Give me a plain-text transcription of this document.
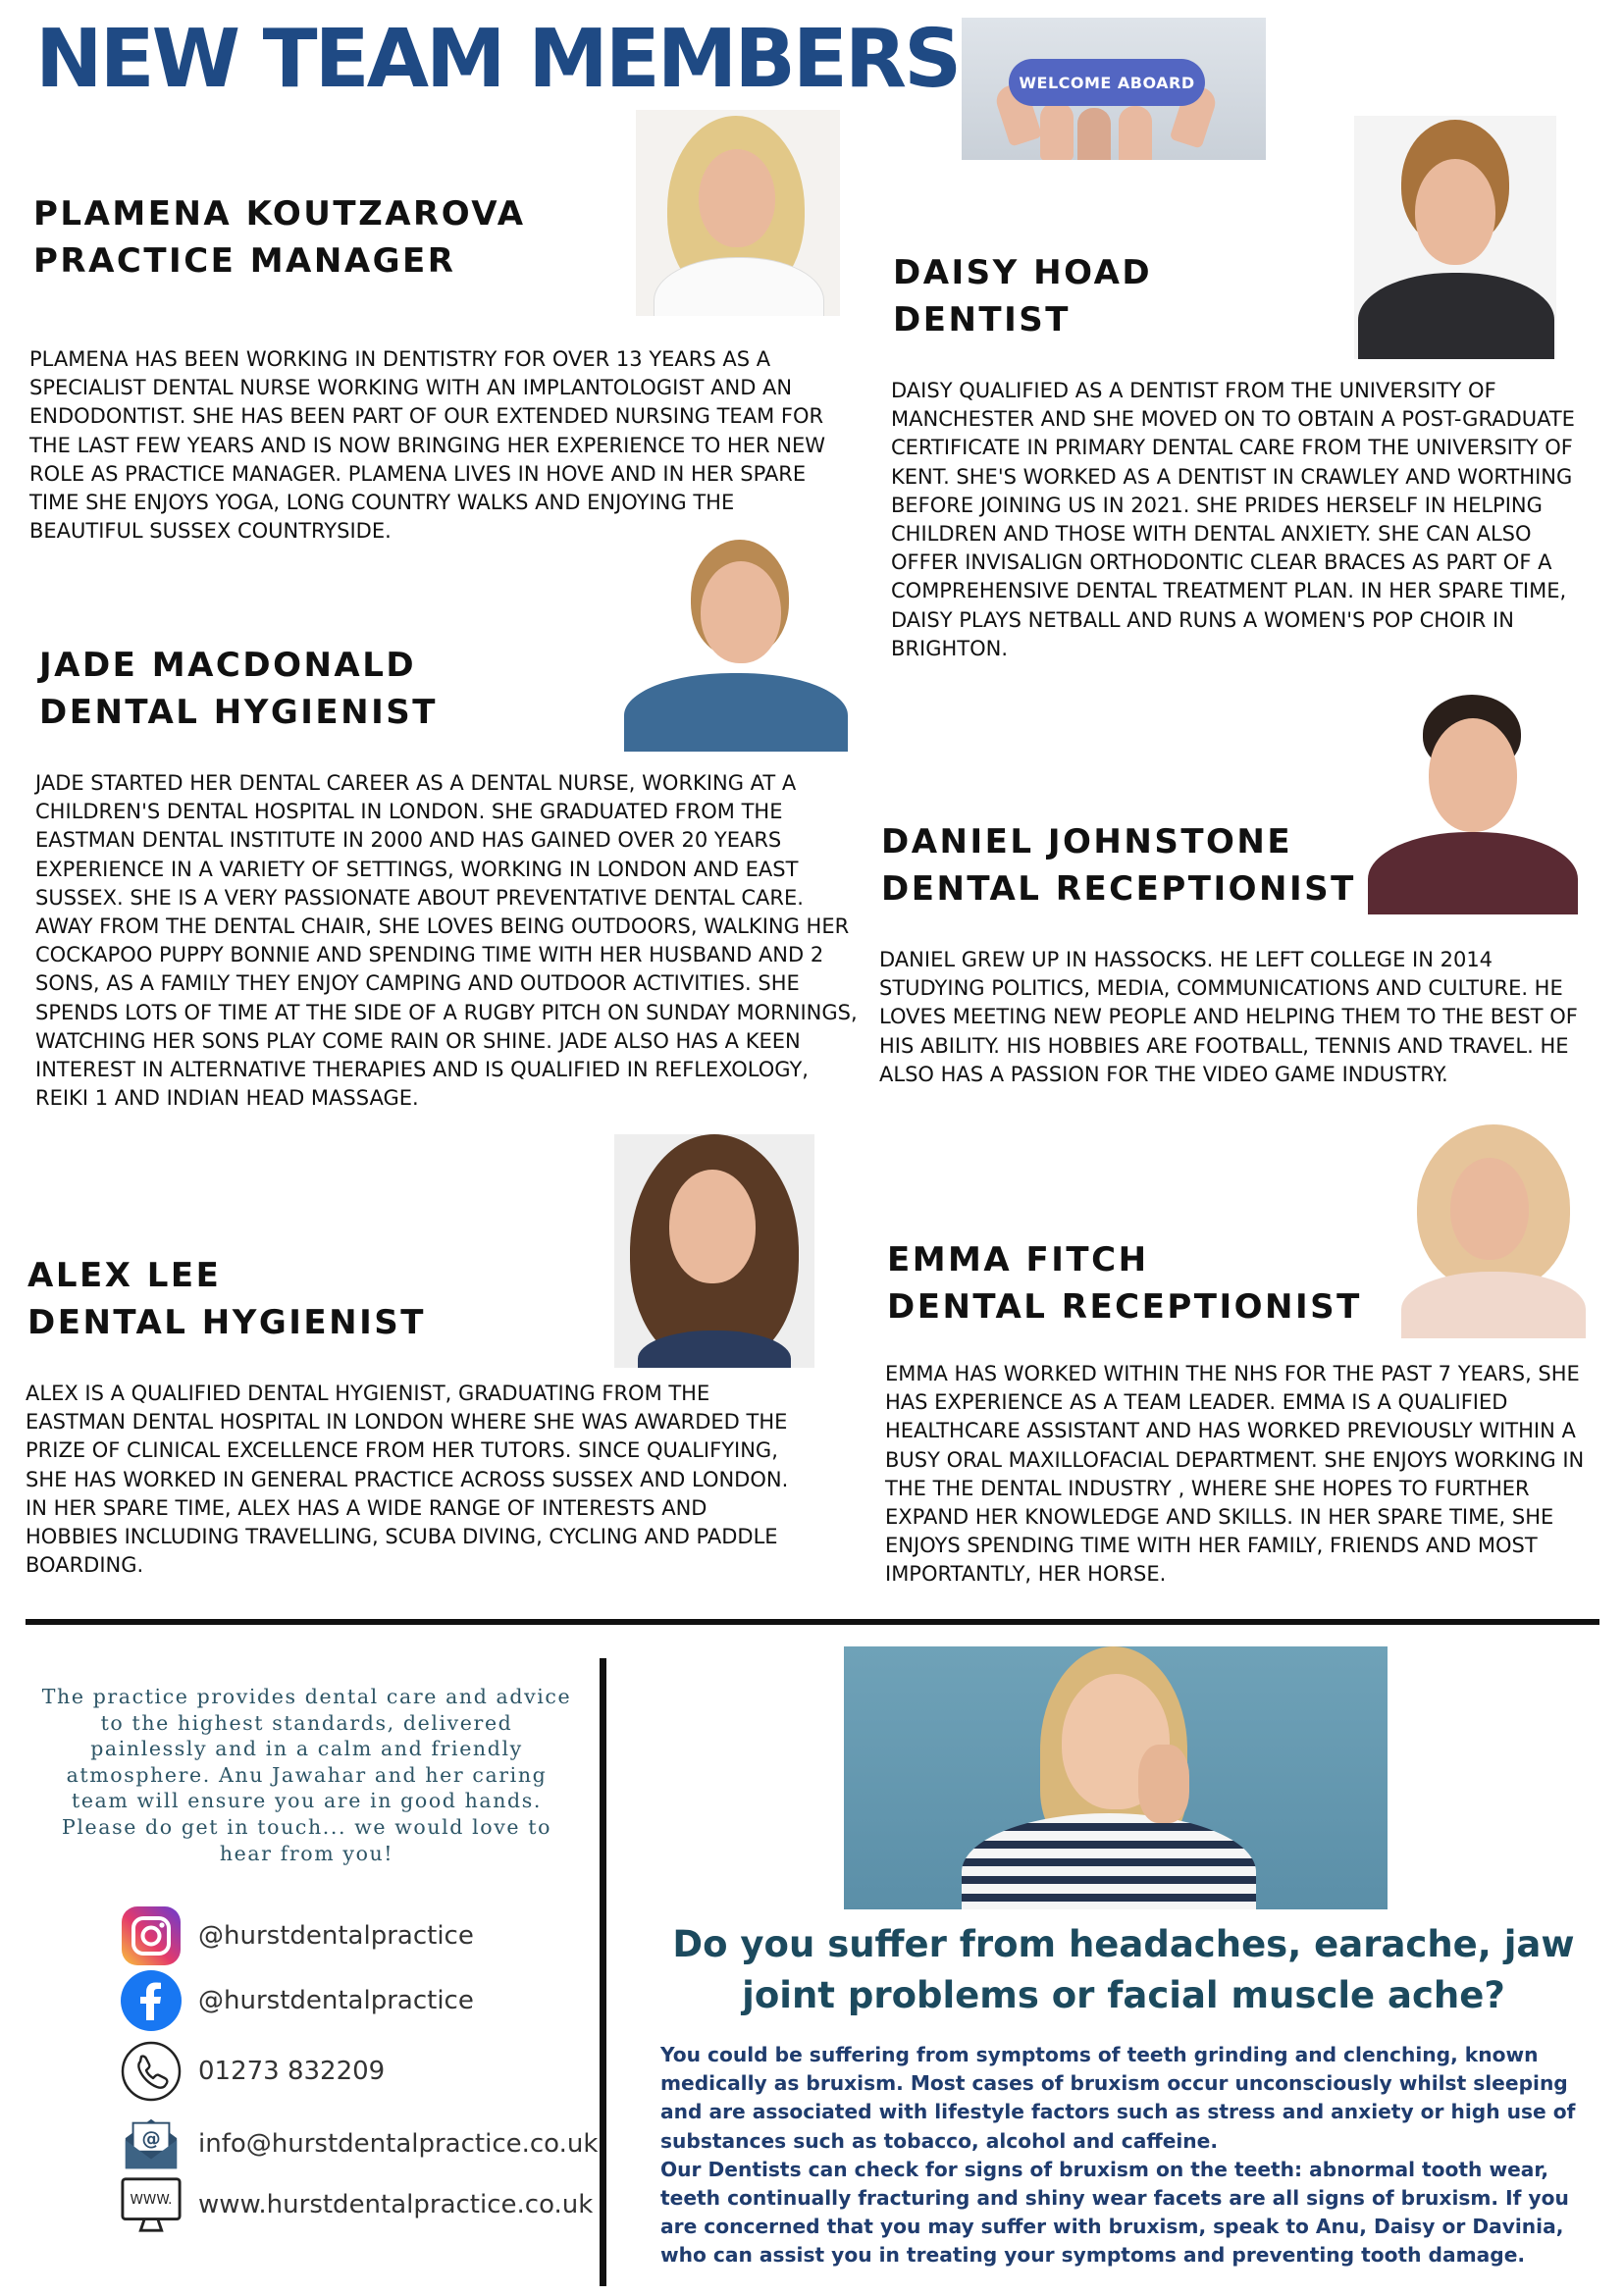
NEW TEAM MEMBERS	WELCOME ABOARD

PLAMENA KOUTZAROVA

PRACTICE MANAGER

PLAMENA HAS BEEN WORKING IN DENTISTRY FOR OVER 13 YEARS AS A SPECIALIST DENTAL NURSE WORKING WITH AN IMPLANTOLOGIST AND AN ENDODONTIST. SHE HAS BEEN PART OF OUR EXTENDED NURSING TEAM FOR THE LAST FEW YEARS AND IS NOW BRINGING HER EXPERIENCE TO HER NEW ROLE AS PRACTICE MANAGER. PLAMENA LIVES IN HOVE AND IN HER SPARE TIME SHE ENJOYS YOGA, LONG COUNTRY WALKS AND ENJOYING THE BEAUTIFUL SUSSEX COUNTRYSIDE.

DAISY HOAD

DENTIST

DAISY QUALIFIED AS A DENTIST FROM THE UNIVERSITY OF MANCHESTER AND SHE MOVED ON TO OBTAIN A POST-GRADUATE CERTIFICATE IN PRIMARY DENTAL CARE FROM THE UNIVERSITY OF KENT. SHE'S WORKED AS A DENTIST IN CRAWLEY AND WORTHING BEFORE JOINING US IN 2021. SHE PRIDES HERSELF IN HELPING CHILDREN AND THOSE WITH DENTAL ANXIETY. SHE CAN ALSO OFFER INVISALIGN ORTHODONTIC CLEAR BRACES AS PART OF A COMPREHENSIVE DENTAL TREATMENT PLAN. IN HER SPARE TIME, DAISY PLAYS NETBALL AND RUNS A WOMEN'S POP CHOIR IN BRIGHTON.

JADE MACDONALD

DENTAL HYGIENIST

JADE STARTED HER DENTAL CAREER AS A DENTAL NURSE, WORKING AT A CHILDREN'S DENTAL HOSPITAL IN LONDON. SHE GRADUATED FROM THE EASTMAN DENTAL INSTITUTE IN 2000 AND HAS GAINED OVER 20 YEARS EXPERIENCE IN A VARIETY OF SETTINGS, WORKING IN LONDON AND EAST SUSSEX. SHE IS A VERY PASSIONATE ABOUT PREVENTATIVE DENTAL CARE. AWAY FROM THE DENTAL CHAIR, SHE LOVES BEING OUTDOORS, WALKING HER COCKAPOO PUPPY BONNIE AND SPENDING TIME WITH HER HUSBAND AND 2 SONS, AS A FAMILY THEY ENJOY CAMPING AND OUTDOOR ACTIVITIES. SHE SPENDS LOTS OF TIME AT THE SIDE OF A RUGBY PITCH ON SUNDAY MORNINGS, WATCHING HER SONS PLAY COME RAIN OR SHINE. JADE ALSO HAS A KEEN INTEREST IN ALTERNATIVE THERAPIES AND IS QUALIFIED IN REFLEXOLOGY, REIKI 1 AND INDIAN HEAD MASSAGE.

DANIEL JOHNSTONE

DENTAL RECEPTIONIST

DANIEL GREW UP IN HASSOCKS. HE LEFT COLLEGE IN 2014 STUDYING POLITICS, MEDIA, COMMUNICATIONS AND CULTURE. HE LOVES MEETING NEW PEOPLE AND HELPING THEM TO THE BEST OF HIS ABILITY. HIS HOBBIES ARE FOOTBALL, TENNIS AND TRAVEL. HE ALSO HAS A PASSION FOR THE VIDEO GAME INDUSTRY.

ALEX LEE

DENTAL HYGIENIST

ALEX IS A QUALIFIED DENTAL HYGIENIST, GRADUATING FROM THE EASTMAN DENTAL HOSPITAL IN LONDON WHERE SHE WAS AWARDED THE PRIZE OF CLINICAL EXCELLENCE FROM HER TUTORS. SINCE QUALIFYING, SHE HAS WORKED IN GENERAL PRACTICE ACROSS SUSSEX AND LONDON. IN HER SPARE TIME, ALEX HAS A WIDE RANGE OF INTERESTS AND HOBBIES INCLUDING TRAVELLING, SCUBA DIVING, CYCLING AND PADDLE BOARDING.

EMMA FITCH

DENTAL RECEPTIONIST

EMMA HAS WORKED WITHIN THE NHS FOR THE PAST 7 YEARS, SHE HAS EXPERIENCE AS A TEAM LEADER. EMMA IS A QUALIFIED HEALTHCARE ASSISTANT AND HAS WORKED PREVIOUSLY WITHIN A BUSY ORAL MAXILLOFACIAL DEPARTMENT. SHE ENJOYS WORKING IN THE THE DENTAL INDUSTRY , WHERE SHE HOPES TO FURTHER EXPAND HER KNOWLEDGE AND SKILLS. IN HER SPARE TIME, SHE ENJOYS SPENDING TIME WITH HER FAMILY, FRIENDS AND MOST IMPORTANTLY, HER HORSE.

The practice provides dental care and advice to the highest standards, delivered painlessly and in a calm and friendly atmosphere. Anu Jawahar and her caring team will ensure you are in good hands. Please do get in touch... we would love to hear from you!

@hurstdentalpractice
@hurstdentalpractice
01273 832209
@ info@hurstdentalpractice.co.uk
WWW. www.hurstdentalpractice.co.uk

Do you suffer from headaches, earache, jaw joint problems or facial muscle ache?

You could be suffering from symptoms of teeth grinding and clenching, known medically as bruxism. Most cases of bruxism occur unconsciously whilst sleeping and are associated with lifestyle factors such as stress and anxiety or high use of substances such as tobacco, alcohol and caffeine.

Our Dentists can check for signs of bruxism on the teeth: abnormal tooth wear, teeth continually fracturing and shiny wear facets are all signs of bruxism. If you are concerned that you may suffer with bruxism, speak to Anu, Daisy or Davinia, who can assist you in treating your symptoms and preventing tooth damage.
